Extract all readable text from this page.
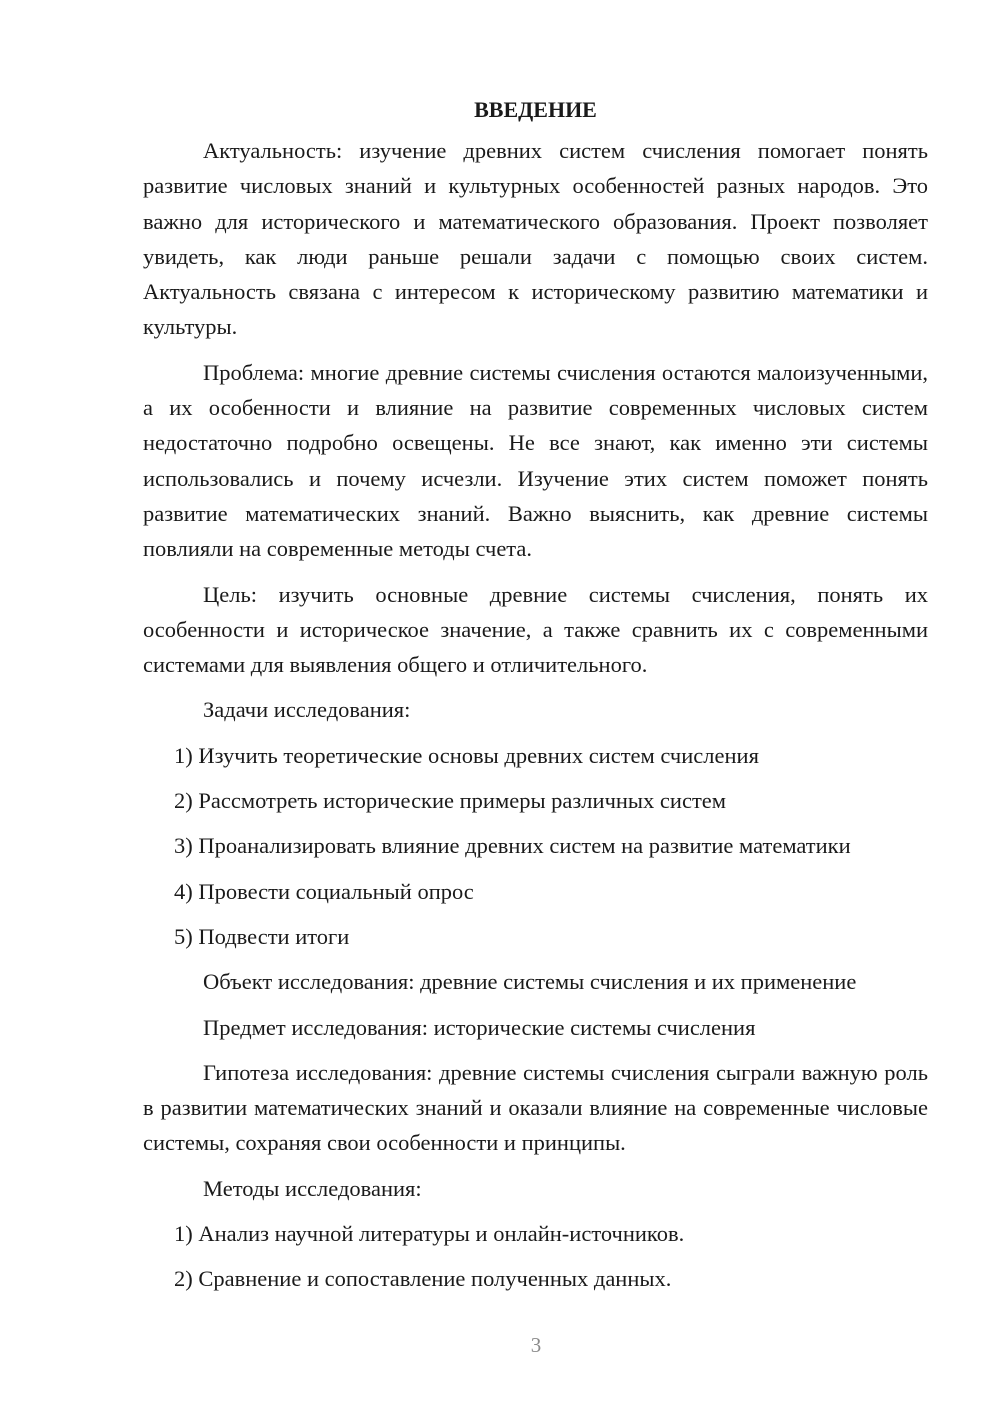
ВВЕДЕНИЕ

Актуальность: изучение древних систем счисления помогает понять развитие числовых знаний и культурных особенностей разных народов. Это важно для исторического и математического образования. Проект позволяет увидеть, как люди раньше решали задачи с помощью своих систем. Актуальность связана с интересом к историческому развитию математики и культуры.

Проблема: многие древние системы счисления остаются малоизученными, а их особенности и влияние на развитие современных числовых систем недостаточно подробно освещены. Не все знают, как именно эти системы использовались и почему исчезли. Изучение этих систем поможет понять развитие математических знаний. Важно выяснить, как древние системы повлияли на современные методы счета.

Цель: изучить основные древние системы счисления, понять их особенности и историческое значение, а также сравнить их с современными системами для выявления общего и отличительного.

Задачи исследования:
1) Изучить теоретические основы древних систем счисления
2) Рассмотреть исторические примеры различных систем
3) Проанализировать влияние древних систем на развитие математики
4) Провести социальный опрос
5) Подвести итоги
Объект исследования: древние системы счисления и их применение
Предмет исследования: исторические системы счисления

Гипотеза исследования: древние системы счисления сыграли важную роль в развитии математических знаний и оказали влияние на современные числовые системы, сохраняя свои особенности и принципы.

Методы исследования:
1) Анализ научной литературы и онлайн-источников.
2) Сравнение и сопоставление полученных данных.
3
